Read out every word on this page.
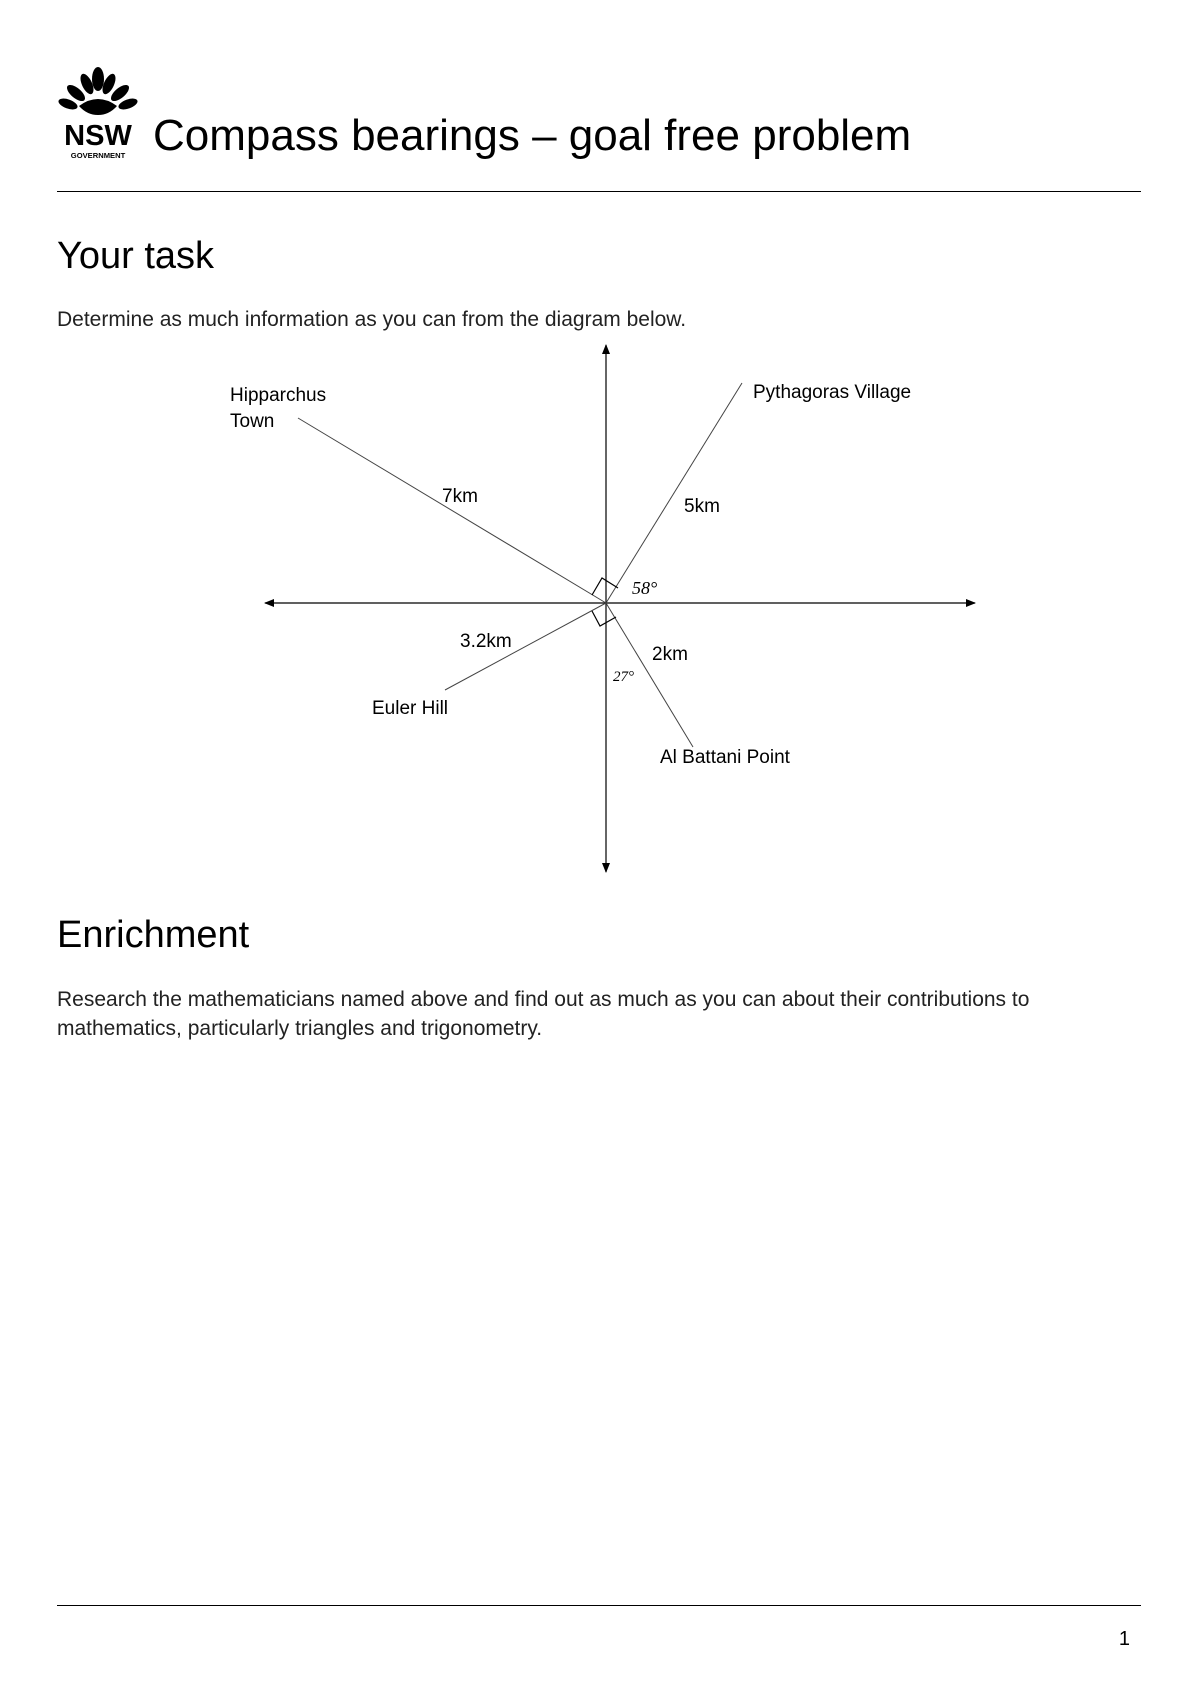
NSW
GOVERNMENT Compass bearings – goal free problem
Your task
Determine as much information as you can from the diagram below.
Hipparchus Town
Pythagoras Village
Euler Hill
Al Battani Point
7km	5km
3.2km
2km
58°
27°
Enrichment
Research the mathematicians named above and find out as much as you can about their contributions to mathematics, particularly triangles and trigonometry.
1
